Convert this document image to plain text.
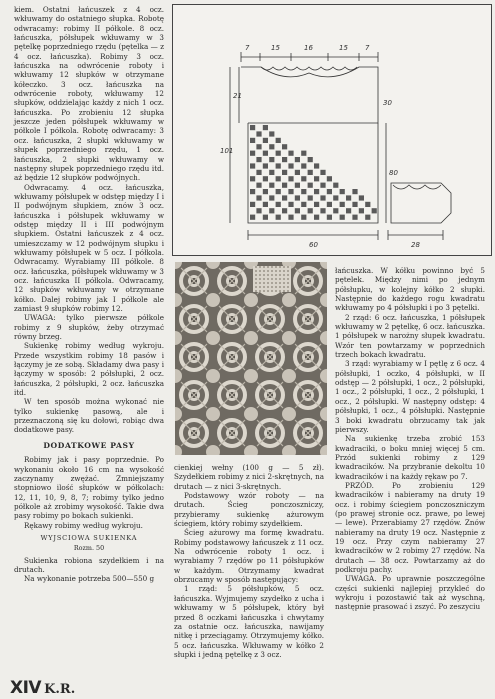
kiem. Ostatni łańcuszek z 4 ocz. wkłuwamy do ostatniego słupka. Robotę odwracamy: robimy II półkole. 8 ocz. łańcuszka, półsłupek wkłuwamy w 3 pętelkę poprzedniego rzędu (pętelka — z 4 ocz. łańcuszka). Robimy 3 ocz. łańcuszka na odwrócenie roboty i wkłuwamy 12 słupków w otrzymane kółeczko. 3 ocz. łańcuszka na odwrócenie roboty, wkłuwamy 12 słupków, oddzielając każdy z nich 1 ocz. łańcuszka. Po zrobieniu 12 słupka jeszcze jeden półsłupek wkłuwamy w półkole I półkola. Robotę odwracamy: 3 ocz. łańcuszka, 2 słupki wkłuwamy w słupek poprzedniego rzędu, 1 ocz. łańcuszka, 2 słupki wkłuwamy w następny słupek poprzedniego rzędu itd. aż będzie 12 słupków podwójnych.

Odwracamy. 4 ocz. łańcuszka, wkłuwamy półsłupek w odstęp między I i II podwójnym słupkiem, znów 3 ocz. łańcuszka i półsłupek wkłuwamy w odstęp między II i III podwójnym słupkiem. Ostatni łańcuszek z 4 ocz. umieszczamy w 12 podwójnym słupku i wkłuwamy półsłupek w 5 ocz. I półkola. Odwracamy. Wyrabiamy III półkole. 8 ocz. łańcuszka, półsłupek wkłuwamy w 3 ocz. łańcuszka II półkola. Odwracamy, 12 słupków wkłuwamy w otrzymane kółko. Dalej robimy jak I półkole ale zamiast 9 słupków robimy 12.

UWAGA: tylko pierwsze półkole robimy z 9 słupków, żeby otrzymać równy brzeg.

Sukienkę robimy według wykroju. Przede wszystkim robimy 18 pasów i łączymy je ze sobą. Składamy dwa pasy i łączymy w sposób: 2 półsłupki, 2 ocz. łańcuszka, 2 półsłupki, 2 ocz. łańcuszka itd.

W ten sposób można wykonać nie tylko sukienkę pasową, ale i przeznaczoną się ku dołowi, robiąc dwa dodatkowe pasy.

DODATKOWE PASY

Robimy jak i pasy poprzednie. Po wykonaniu około 16 cm na wysokość zaczynamy zwężać. Zmniejszamy stopniowo ilość słupków w półkolach: 12, 11, 10, 9, 8, 7; robimy tylko jedno półkole aż zrobimy wysokość. Takie dwa pasy robimy po bokach sukienki.

Rękawy robimy według wykroju.

WYJSCIOWA SUKIENKA
Rozm. 50

Sukienka robiona szydełkiem i na drutach.

Na wykonanie potrzeba 500—550 g

7	15	16	15 7
21
30
80
101
60	28

cienkiej wełny (100 g — 5 zł). Szydełkiem robimy z nici 2-skrętnych, na drutach — z nici 3-skrętnych.

Podstawowy wzór roboty — na drutach. Ścieg ponczoszniczy, przybieramy sukienkę ażurowym ściegiem, który robimy szydełkiem.

Ścieg ażurowy ma formę kwadratu. Robimy podstawowy łańcuszek z 11 ocz. Na odwrócenie roboty 1 ocz. i wyrabiamy 7 rzędów po 11 półsłupków w każdym. Otrzymamy kwadrat obrzucamy w sposób następujący:

1 rząd: 5 półsłupków, 5 ocz. łańcuszka. Wyjmujemy szydełko z ucha i wkłuwamy w 5 półsłupek, który był przed 8 oczkami łańcuszka i chwytamy za ostatnie ocz. łańcuszka, nawijamy nitkę i przeciągamy. Otrzymujemy kółko. 5 ocz. łańcuszka. Wkłuwamy w kółko 2 słupki i jedną pętelkę z 3 ocz.

łańcuszka. W kółku powinno być 5 pętelek. Między nimi po jednym półsłupku, w kolejny kółko 2 słupki. Następnie do każdego rogu kwadratu wkłuwamy po 4 półsłupki i po 3 pętelki.

2 rząd: 6 ocz. łańcuszka, 1 półsłupek wkłuwamy w 2 pętelkę, 6 ocz. łańcuszka. 1 półsłupek w narożny słupek kwadratu. Wzór ten powtarzamy w poprzednich trzech bokach kwadratu.

3 rząd: wyrabiamy w I pętlę z 6 ocz. 4 półsłupki, 1 oczko, 4 półsłupki, w II odstęp — 2 półsłupki, 1 ocz., 2 półsłupki, 1 ocz., 2 półsłupki, 1 ocz., 2 półsłupki, 1 ocz., 2 półsłupki. W następny odstęp: 4 półsłupki, 1 ocz., 4 półsłupki. Następnie 3 boki kwadratu obrzucamy tak jak pierwszy.

Na sukienkę trzeba zrobić 153 kwadraciki, o boku mniej więcej 5 cm. Przód sukienki robimy z 129 kwadracików. Na przybranie dekoltu 10 kwadracików i na każdy rękaw po 7.

PRZÓD. Po zrobieniu 129 kwadracików i nabieramy na druty 19 ocz. i robimy ściegiem ponczoszniczym (po prawej stronie ocz. prawe, po lewej — lewe). Przerabiamy 27 rzędów. Znów nabieramy na druty 19 ocz. Następnie z 19 ocz. Przy czym nabieramy 27 kwadracików w 2 robimy 27 rzędów. Na drutach — 38 ocz. Powtarzamy aż do podkroju pachy.

UWAGA. Po uprawnie poszczególne części sukienki najlepiej przykleć do wykroju i pozostawić tak aż wyschną, następnie prasować i zszyć. Po zeszyciu

XIV K.R.
